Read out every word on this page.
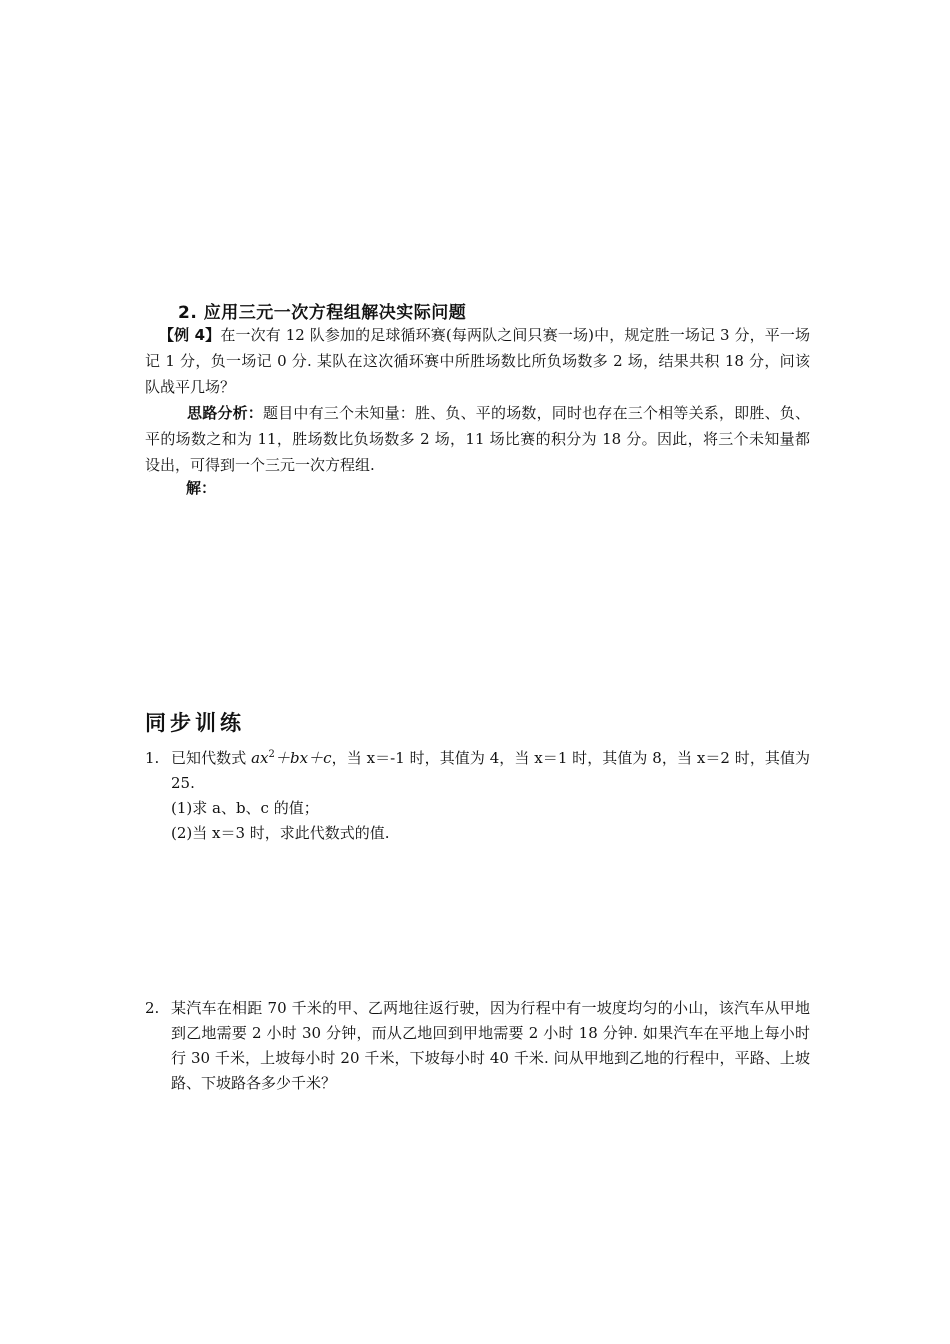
2. 应用三元一次方程组解决实际问题
【例 4】在一次有 12 队参加的足球循环赛(每两队之间只赛一场)中，规定胜一场记 3 分，平一场记 1 分，负一场记 0 分. 某队在这次循环赛中所胜场数比所负场数多 2 场，结果共积 18 分，问该队战平几场？
思路分析：题目中有三个未知量：胜、负、平的场数，同时也存在三个相等关系，即胜、负、平的场数之和为 11，胜场数比负场数多 2 场，11 场比赛的积分为 18 分。因此，将三个未知量都设出，可得到一个三元一次方程组.
解：
同步训练
1. 已知代数式 $ax^2+bx+c$，当 x＝-1 时，其值为 4，当 x＝1 时，其值为 8，当 x＝2 时，其值为 25.
(1)求 a、b、c 的值；
(2)当 x＝3 时，求此代数式的值.
2. 某汽车在相距 70 千米的甲、乙两地往返行驶，因为行程中有一坡度均匀的小山，该汽车从甲地到乙地需要 2 小时 30 分钟，而从乙地回到甲地需要 2 小时 18 分钟. 如果汽车在平地上每小时行 30 千米，上坡每小时 20 千米，下坡每小时 40 千米. 问从甲地到乙地的行程中，平路、上坡路、下坡路各多少千米？
